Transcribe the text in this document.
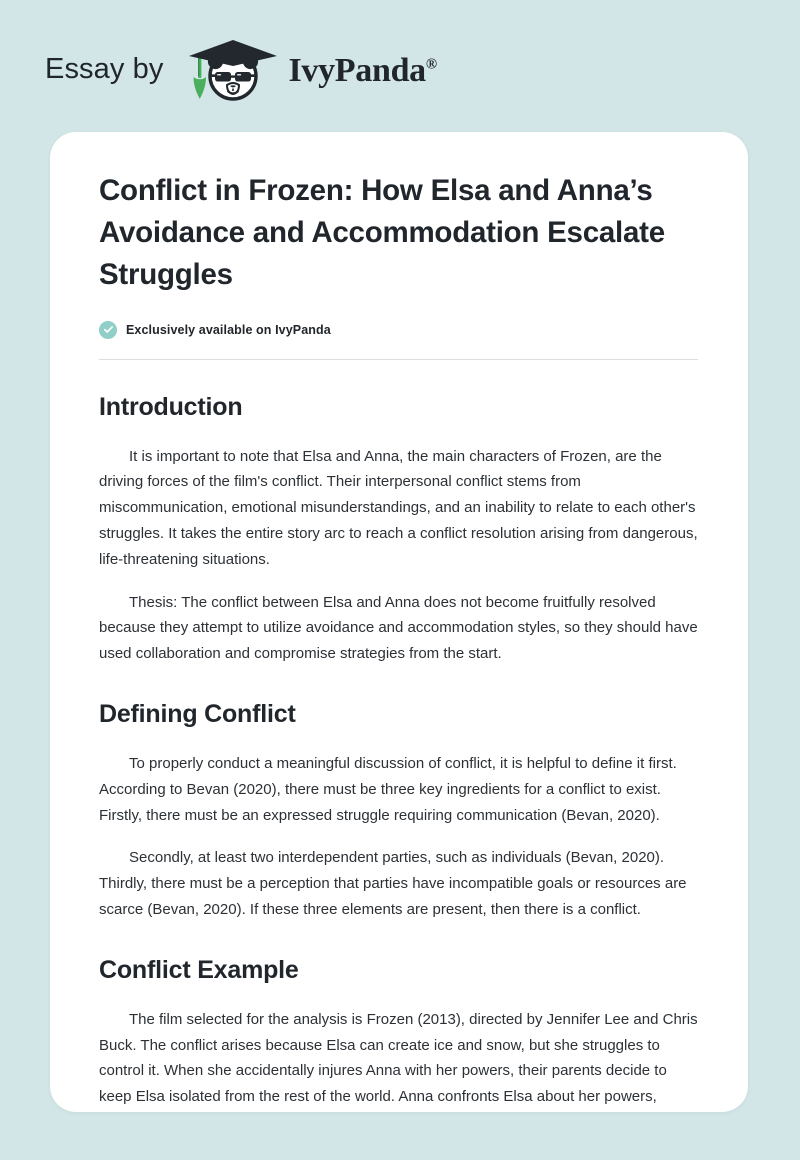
Essay by	IvyPanda®
Conflict in Frozen: How Elsa and Anna’s Avoidance and Accommodation Escalate Struggles
Exclusively available on IvyPanda
Introduction

It is important to note that Elsa and Anna, the main characters of Frozen, are the driving forces of the film's conflict. Their interpersonal conflict stems from miscommunication, emotional misunderstandings, and an inability to relate to each other's struggles. It takes the entire story arc to reach a conflict resolution arising from dangerous, life-threatening situations.

Thesis: The conflict between Elsa and Anna does not become fruitfully resolved because they attempt to utilize avoidance and accommodation styles, so they should have used collaboration and compromise strategies from the start.

Defining Conflict

To properly conduct a meaningful discussion of conflict, it is helpful to define it first. According to Bevan (2020), there must be three key ingredients for a conflict to exist. Firstly, there must be an expressed struggle requiring communication (Bevan, 2020).

Secondly, at least two interdependent parties, such as individuals (Bevan, 2020). Thirdly, there must be a perception that parties have incompatible goals or resources are scarce (Bevan, 2020). If these three elements are present, then there is a conflict.

Conflict Example

The film selected for the analysis is Frozen (2013), directed by Jennifer Lee and Chris Buck. The conflict arises because Elsa can create ice and snow, but she struggles to control it. When she accidentally injures Anna with her powers, their parents decide to keep Elsa isolated from the rest of the world. Anna confronts Elsa about her powers,
